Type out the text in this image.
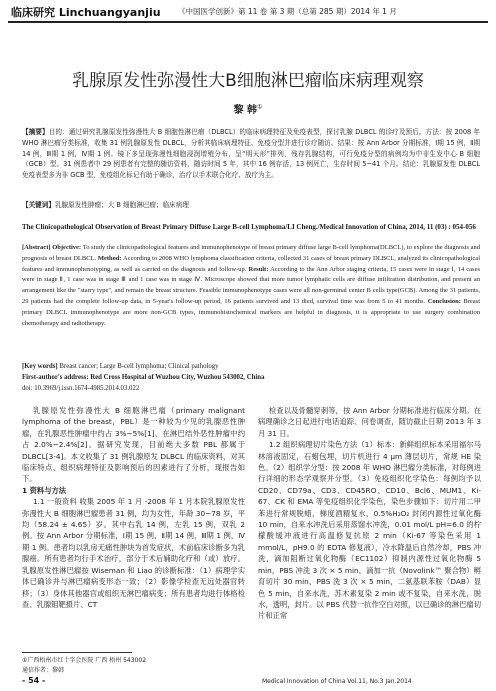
临床研究 Linchuangyanjiu 《中国医学创新》第 11 卷 第 3 期（总第 285 期）2014 年 1 月
乳腺原发性弥漫性大B细胞淋巴瘤临床病理观察
黎 韩①
【摘要】目的：通过研究乳腺原发性弥漫性大 B 细胞性淋巴瘤（DLBCL）的临床病理特征及免疫表型，探讨乳腺 DLBCL 的诊疗及预后。方法：按 2008 年 WHO 淋巴瘤分类标准，收集 31 例乳腺原发性 DLBCL，分析其临床病理特征、免疫分型并进行诊疗随访。结果：按 Ann Arbor 分期标准，Ⅰ期 15 例，Ⅱ期 14 例，Ⅲ期 1 例，Ⅳ期 1 例。镜下多呈现弥漫性细胞浸润增殖分布，呈“明天形”排列，残存乳腺结构，可行免疫分型的病例均为中非生发中心 B 细胞（GCB）型。31 例患者中 29 例患者有完整的随访资料，随访时间 5 年，其中 16 例存活，13 例死亡，生存时间 5~41 个月。结论：乳腺原发性 DLBCL 免疫表型多为非 GCB 型，免疫组化标记有助于确诊，治疗以手术联合化疗、放疗为主。
【关键词】乳腺原发性肿瘤；大 B 细胞淋巴瘤；临床病理
The Clinicopathological Observation of Breast Primary Diffuse Large B-cell Lymphoma/LI Cheng./Medical Innovation of China, 2014, 11 (03) : 054-056
[Abstract] Objective: To study the clinicopathological features and immunophenotype of breast primary diffuse large B-cell lymphoma(DLBCL), to explore the diagnosis and prognosis of breast DLBCL. Method: According to 2008 WHO lymphoma classification criteria, collected 31 cases of breast primary DLBCL, analyzed its clinicopathological features and immunophenotyping, as well as carried on the diagnosis and follow-up. Result: According to the Ann Arbor staging criteria, 15 cases were in stage Ⅰ, 14 cases were in stage Ⅱ, 1 case was in stage Ⅲ and 1 case was in stage Ⅳ. Microscope showed that more tumor lymphatic cells are diffuse infiltration distribution, and present an arrangement like the "starry type", and remain the breast structure. Feasible immunophenotype cases were all non-germinal center B cells type(GCB). Among the 31 patients, 29 patients had the complete follow-up data, in 5-year's follow-up period, 16 patients survived and 13 died, survival time was from 5 to 41 months. Conclusion: Breast primary DLBCL immunophenotype are more non-GCB types, immunohistochemical markers are helpful in diagnosis, it is appropriate to use surgery combination chemotherapy and radiotherapy.
[Key words] Breast cancer; Large B-cell lymphoma; Clinical pathology
First-author's address: Red Cross Hospital of Wuzhou City, Wuzhou 543002, China
doi: 10.3969/j.issn.1674-4985.2014.03.022

乳腺原发性弥漫性大 B 细胞淋巴瘤（primary malignant lymphoma of the breast，PBL）是一种较为少见的乳腺恶性肿瘤，在乳腺恶性肿瘤中约占 3%~5%[1]，在淋巴结外恶性肿瘤中约占 2.0%~2.4%[2]。据研究发现，目前绝大多数 PBL 都属于 DLBCL[3-4]。本文收集了 31 例乳腺原发 DLBCL 的临床资料，对其临床特点、组织病理特征及影响预后的因素进行了分析，现报告如下。

1 资料与方法

1.1 一般资料 收集 2005 年 1 月 -2008 年 1 月本院乳腺原发性弥漫性大 B 细胞淋巴瘤患者 31 例，均为女性，年龄 30~78 岁，平均（58.24 ± 4.65）岁。其中右乳 14 例，左乳 15 例，双乳 2 例。按 Ann Arbor 分期标准，Ⅰ期 15 例，Ⅱ期 14 例，Ⅲ期 1 例，Ⅳ期 1 例。患者均以乳房无痛性肿块为首发症状，术前临床诊断多为乳腺癌。所有患者均行手术治疗，部分于术后辅助化疗和（或）放疗。乳腺原发性淋巴瘤按 Wiseman 和 Liao 的诊断标准：（1）病理学实体已确诊并与淋巴瘤病变形态一致；（2）影像学检查无远处器官转移；（3）身体其他器官或组织无淋巴瘤病变；所有患者均进行体格检查、乳腺钼靶摄片、CT

检查以及骨髓穿刺等，按 Ann Arbor 分期标准进行临床分期。在病理确诊之日起进行电话追踪、问卷调查，随访截止日期 2013 年 3 月 31 日。

1.2 组织病理切片染色方法（1）标本：新鲜组织标本采用福尔马林溶液固定，石蜡包埋，切片机进行 4 μm 薄层切片，常规 HE 染色。（2）组织学分型：按 2008 年 WHO 淋巴瘤分类标准，对每例进行详细的形态学观察并分型。（3）免疫组织化学染色：每例均予以 CD20、CD79a、CD3、CD45RO、CD10、Bcl6、MUM1、Ki-67、CK 和 EMA 等免疫组织化学染色，染色步骤如下：切片用二甲苯进行常规脱蜡，梯度酒精复水，0.5%H₂O₂ 封闭内源性过氧化酶 10 min，自来水冲洗后采用蒸馏水冲洗，0.01 mol/L pH=6.0 的柠檬酸缓冲液进行高温修复抗原 2 min（Ki-67 等染色采用 1 mmol/L，pH9.0 的 EDTA 修复液），冷水降温后自然冷却，PBS 冲洗，滴加阻断过氧化物酶（EC1102）抑制内源性过氧化物酶 5 min，PBS 冲洗 3 次 × 5 min，滴加一抗（Novolink™ 聚合物）孵育切片 30 min，PBS 洗 3 次 × 5 min，二氨基联苯胺（DAB）显色 5 min，自来水洗，苏木素复染 2 min 或不复染，自来水洗，脱水，透明，封片。以 PBS 代替一抗作空白对照，以已确诊的淋巴瘤切片和正常

①广西梧州市红十字会医院 广西 梧州 543002
通信作者：黎韩
- 54 -	Medical Innovation of China Vol.11, No.3 Jan.2014
